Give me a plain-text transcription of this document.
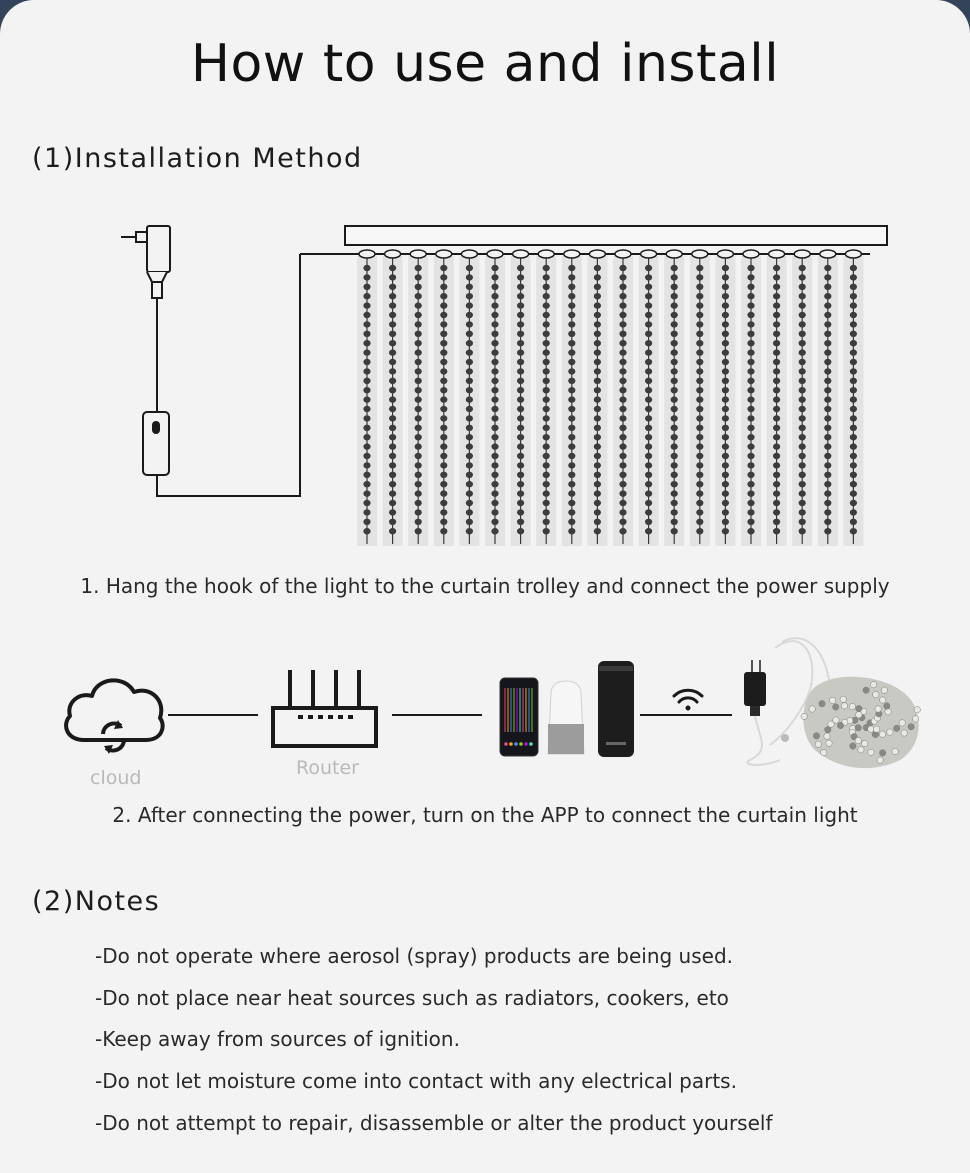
How to use and install
(1)Installation Method
1. Hang the hook of the light to the curtain trolley and connect the power supply
cloud	Router
2. After connecting the power, turn on the APP to connect the curtain light
(2)Notes
-Do not operate where aerosol (spray) products are being used.
-Do not place near heat sources such as radiators, cookers, eto
-Keep away from sources of ignition.
-Do not let moisture come into contact with any electrical parts.
-Do not attempt to repair, disassemble or alter the product yourself
